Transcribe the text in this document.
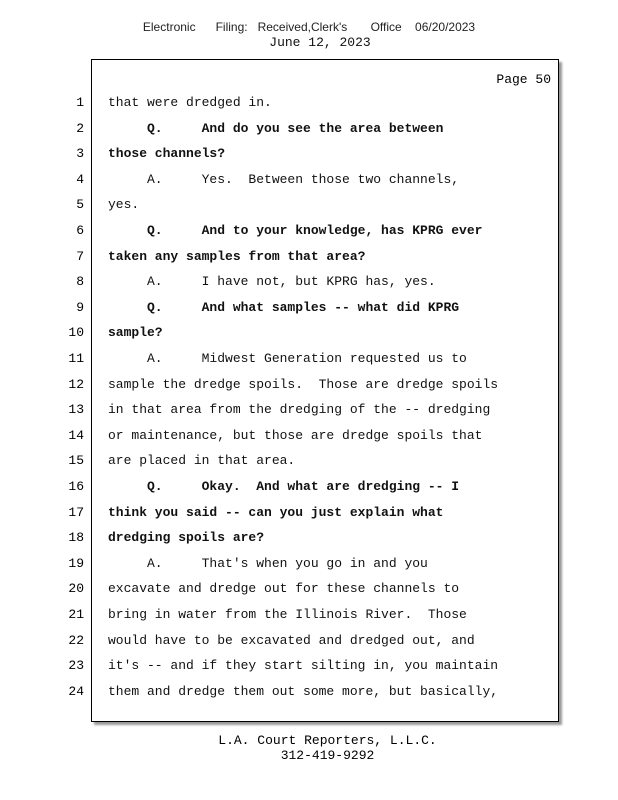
Electronic      Filing:   Received,Clerk's       Office    06/20/2023
June 12, 2023
Page 50
1 that were dredged in.
2 Q.     And do you see the area between
3 those channels?
4 A.     Yes.  Between those two channels,
5 yes.
6 Q.     And to your knowledge, has KPRG ever
7 taken any samples from that area?
8 A.     I have not, but KPRG has, yes.
9 Q.     And what samples -- what did KPRG
10 sample?
11 A.     Midwest Generation requested us to
12 sample the dredge spoils.  Those are dredge spoils
13 in that area from the dredging of the -- dredging
14 or maintenance, but those are dredge spoils that
15 are placed in that area.
16 Q.     Okay.  And what are dredging -- I
17 think you said -- can you just explain what
18 dredging spoils are?
19 A.     That's when you go in and you
20 excavate and dredge out for these channels to
21 bring in water from the Illinois River.  Those
22 would have to be excavated and dredged out, and
23 it's -- and if they start silting in, you maintain
24 them and dredge them out some more, but basically,
L.A. Court Reporters, L.L.C.
312-419-9292
